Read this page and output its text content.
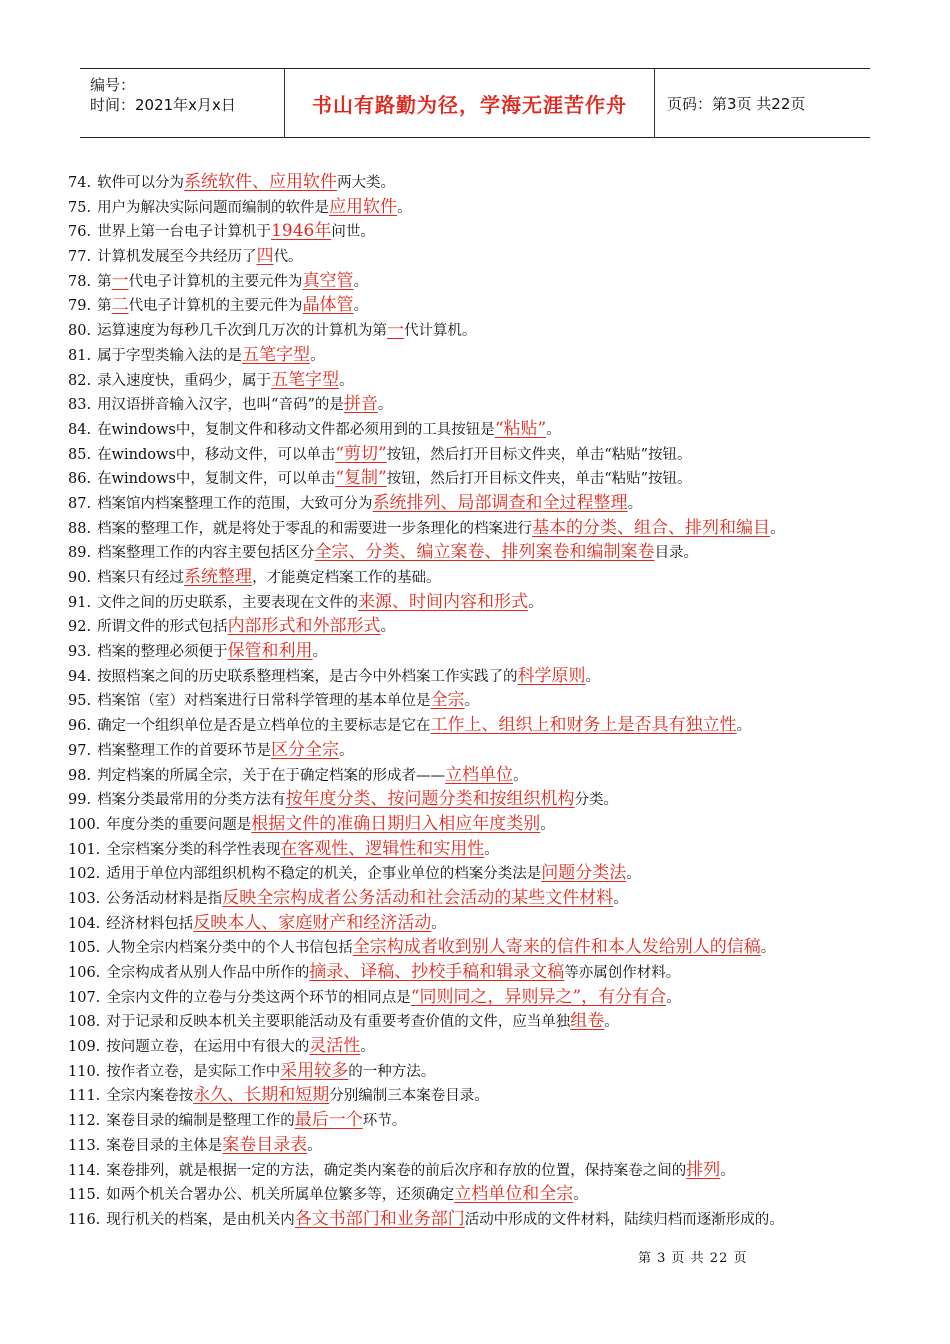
编号：
时间：2021年x月x日	书山有路勤为径，学海无涯苦作舟	页码：第3页 共22页
74. 软件可以分为系统软件、应用软件两大类。
75. 用户为解决实际问题而编制的软件是应用软件。
76. 世界上第一台电子计算机于1946年问世。
77. 计算机发展至今共经历了四代。
78. 第一代电子计算机的主要元件为真空管。
79. 第二代电子计算机的主要元件为晶体管。
80. 运算速度为每秒几千次到几万次的计算机为第一代计算机。
81. 属于字型类输入法的是五笔字型。
82. 录入速度快，重码少，属于五笔字型。
83. 用汉语拼音输入汉字，也叫“音码”的是拼音。
84. 在windows中，复制文件和移动文件都必须用到的工具按钮是“粘贴”。
85. 在windows中，移动文件，可以单击“剪切”按钮，然后打开目标文件夹，单击“粘贴”按钮。
86. 在windows中，复制文件，可以单击“复制”按钮，然后打开目标文件夹，单击“粘贴”按钮。
87. 档案馆内档案整理工作的范围，大致可分为系统排列、局部调查和全过程整理。
88. 档案的整理工作，就是将处于零乱的和需要进一步条理化的档案进行基本的分类、组合、排列和编目。
89. 档案整理工作的内容主要包括区分全宗、分类、编立案卷、排列案卷和编制案卷目录。
90. 档案只有经过系统整理，才能奠定档案工作的基础。
91. 文件之间的历史联系，主要表现在文件的来源、时间内容和形式。
92. 所谓文件的形式包括内部形式和外部形式。
93. 档案的整理必须便于保管和利用。
94. 按照档案之间的历史联系整理档案，是古今中外档案工作实践了的科学原则。
95. 档案馆（室）对档案进行日常科学管理的基本单位是全宗。
96. 确定一个组织单位是否是立档单位的主要标志是它在工作上、组织上和财务上是否具有独立性。
97. 档案整理工作的首要环节是区分全宗。
98. 判定档案的所属全宗，关于在于确定档案的形成者——立档单位。
99. 档案分类最常用的分类方法有按年度分类、按问题分类和按组织机构分类。
100. 年度分类的重要问题是根据文件的准确日期归入相应年度类别。
101. 全宗档案分类的科学性表现在客观性、逻辑性和实用性。
102. 适用于单位内部组织机构不稳定的机关，企事业单位的档案分类法是问题分类法。
103. 公务活动材料是指反映全宗构成者公务活动和社会活动的某些文件材料。
104. 经济材料包括反映本人、家庭财产和经济活动。
105. 人物全宗内档案分类中的个人书信包括全宗构成者收到别人寄来的信件和本人发给别人的信稿。
106. 全宗构成者从别人作品中所作的摘录、译稿、抄校手稿和辑录文稿等亦属创作材料。
107. 全宗内文件的立卷与分类这两个环节的相同点是“同则同之，异则异之”，有分有合。
108. 对于记录和反映本机关主要职能活动及有重要考查价值的文件，应当单独组卷。
109. 按问题立卷，在运用中有很大的灵活性。
110. 按作者立卷，是实际工作中采用较多的一种方法。
111. 全宗内案卷按永久、长期和短期分别编制三本案卷目录。
112. 案卷目录的编制是整理工作的最后一个环节。
113. 案卷目录的主体是案卷目录表。
114. 案卷排列，就是根据一定的方法，确定类内案卷的前后次序和存放的位置，保持案卷之间的排列。
115. 如两个机关合署办公、机关所属单位繁多等，还须确定立档单位和全宗。
116. 现行机关的档案，是由机关内各文书部门和业务部门活动中形成的文件材料，陆续归档而逐渐形成的。
第 3 页 共 22 页
